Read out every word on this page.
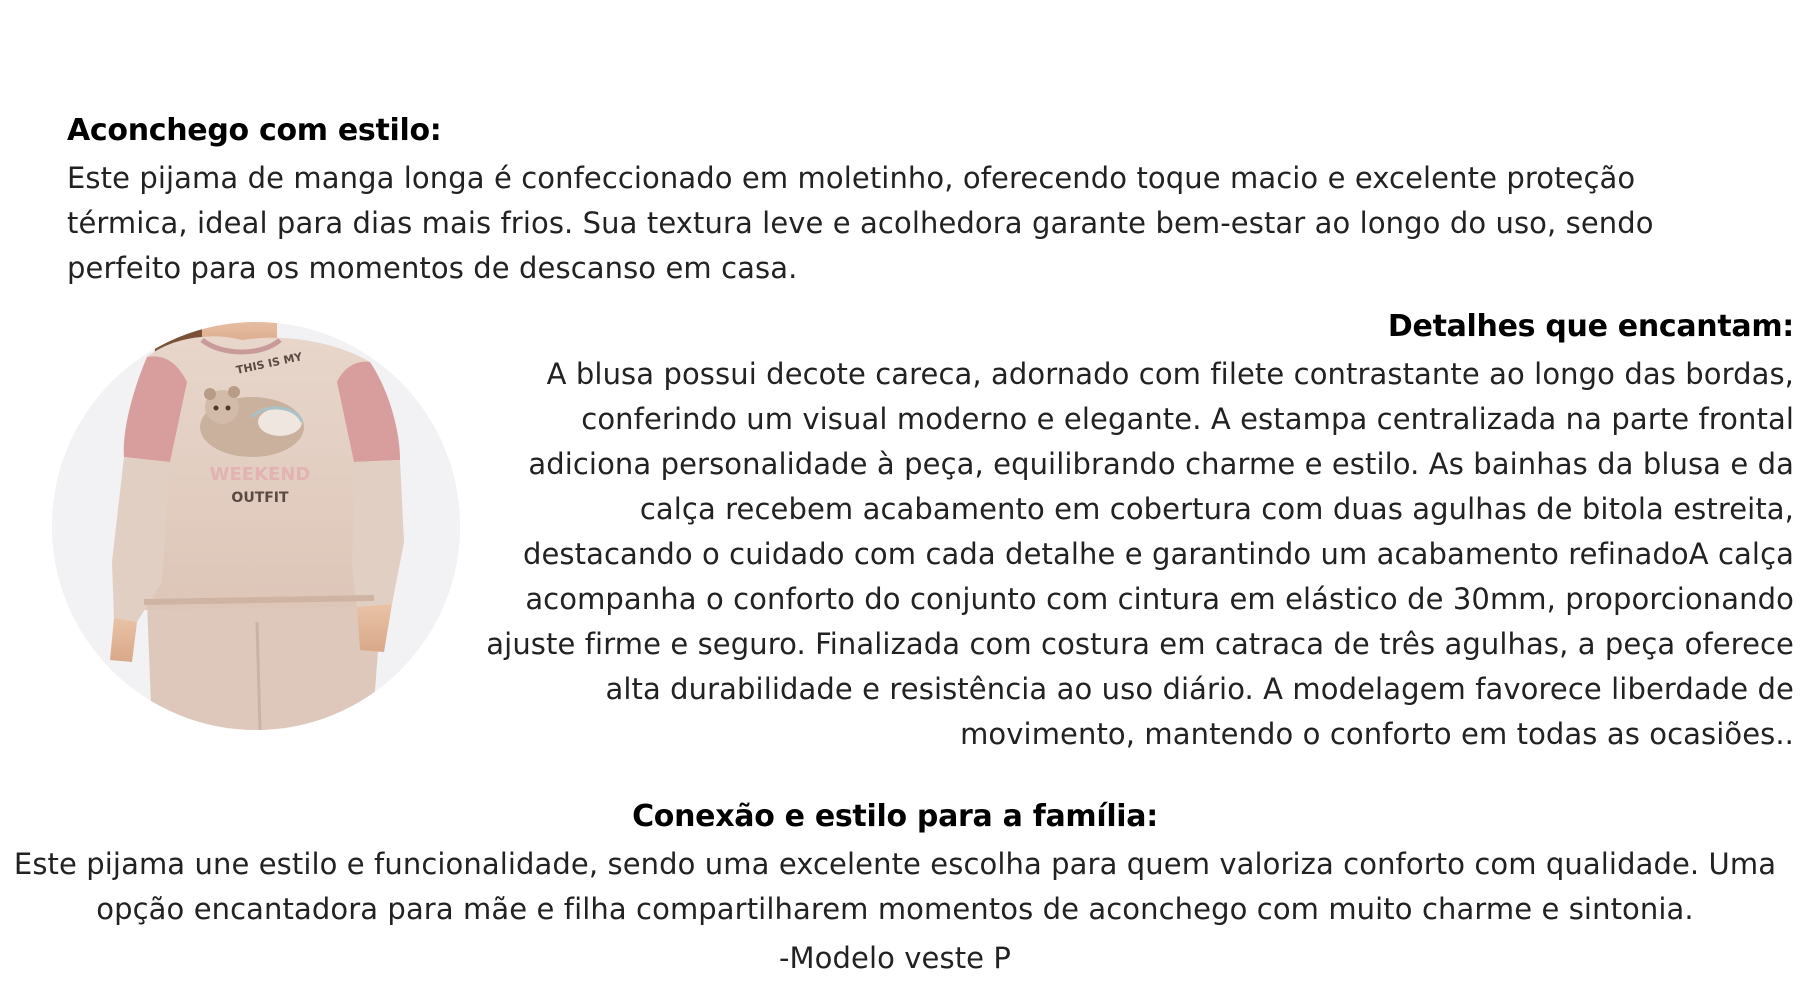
Aconchego com estilo:

Este pijama de manga longa é confeccionado em moletinho, oferecendo toque macio e excelente proteção térmica, ideal para dias mais frios. Sua textura leve e acolhedora garante bem-estar ao longo do uso, sendo perfeito para os momentos de descanso em casa.

THIS IS MY
WEEKEND
OUTFIT
Detalhes que encantam:

A blusa possui decote careca, adornado com filete contrastante ao longo das bordas, conferindo um visual moderno e elegante. A estampa centralizada na parte frontal adiciona personalidade à peça, equilibrando charme e estilo. As bainhas da blusa e da calça recebem acabamento em cobertura com duas agulhas de bitola estreita, destacando o cuidado com cada detalhe e garantindo um acabamento refinadoA calça acompanha o conforto do conjunto com cintura em elástico de 30mm, proporcionando ajuste firme e seguro. Finalizada com costura em catraca de três agulhas, a peça oferece alta durabilidade e resistência ao uso diário. A modelagem favorece liberdade de movimento, mantendo o conforto em todas as ocasiões..

Conexão e estilo para a família:

Este pijama une estilo e funcionalidade, sendo uma excelente escolha para quem valoriza conforto com qualidade. Uma opção encantadora para mãe e filha compartilharem momentos de aconchego com muito charme e sintonia.

-Modelo veste P
